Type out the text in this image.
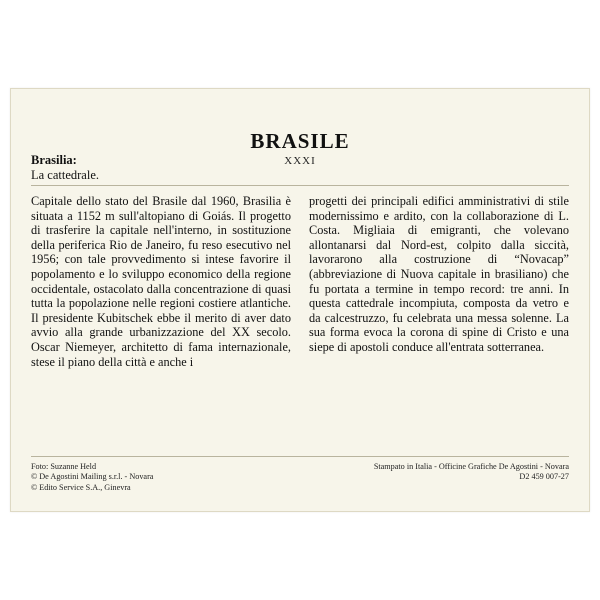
Brasilia:
La cattedrale.
BRASILE
XXXI

Capitale dello stato del Brasile dal 1960, Brasilia è situata a 1152 m sull'altopiano di Goiás. Il progetto di trasferire la capitale nell'interno, in sostituzione della periferica Rio de Janeiro, fu reso esecutivo nel 1956; con tale provvedimento si intese favorire il popolamento e lo sviluppo economico della regione occidentale, ostacolato dalla concentrazione di quasi tutta la popolazione nelle regioni costiere atlantiche. Il presidente Kubitschek ebbe il merito di aver dato avvio alla grande urbanizzazione del XX secolo. Oscar Niemeyer, architetto di fama internazionale, stese il piano della città e anche i

progetti dei principali edifici amministrativi di stile modernissimo e ardito, con la collaborazione di L. Costa. Migliaia di emigranti, che volevano allontanarsi dal Nord-est, colpito dalla siccità, lavorarono alla costruzione di “Novacap” (abbreviazione di Nuova capitale in brasiliano) che fu portata a termine in tempo record: tre anni. In questa cattedrale incompiuta, composta da vetro e da calcestruzzo, fu celebrata una messa solenne. La sua forma evoca la corona di spine di Cristo e una siepe di apostoli conduce all'entrata sotterranea.

Foto: Suzanne Held
© De Agostini Mailing s.r.l. - Novara
© Edito Service S.A., Ginevra
Stampato in Italia - Officine Grafiche De Agostini - Novara
D2 459 007-27
